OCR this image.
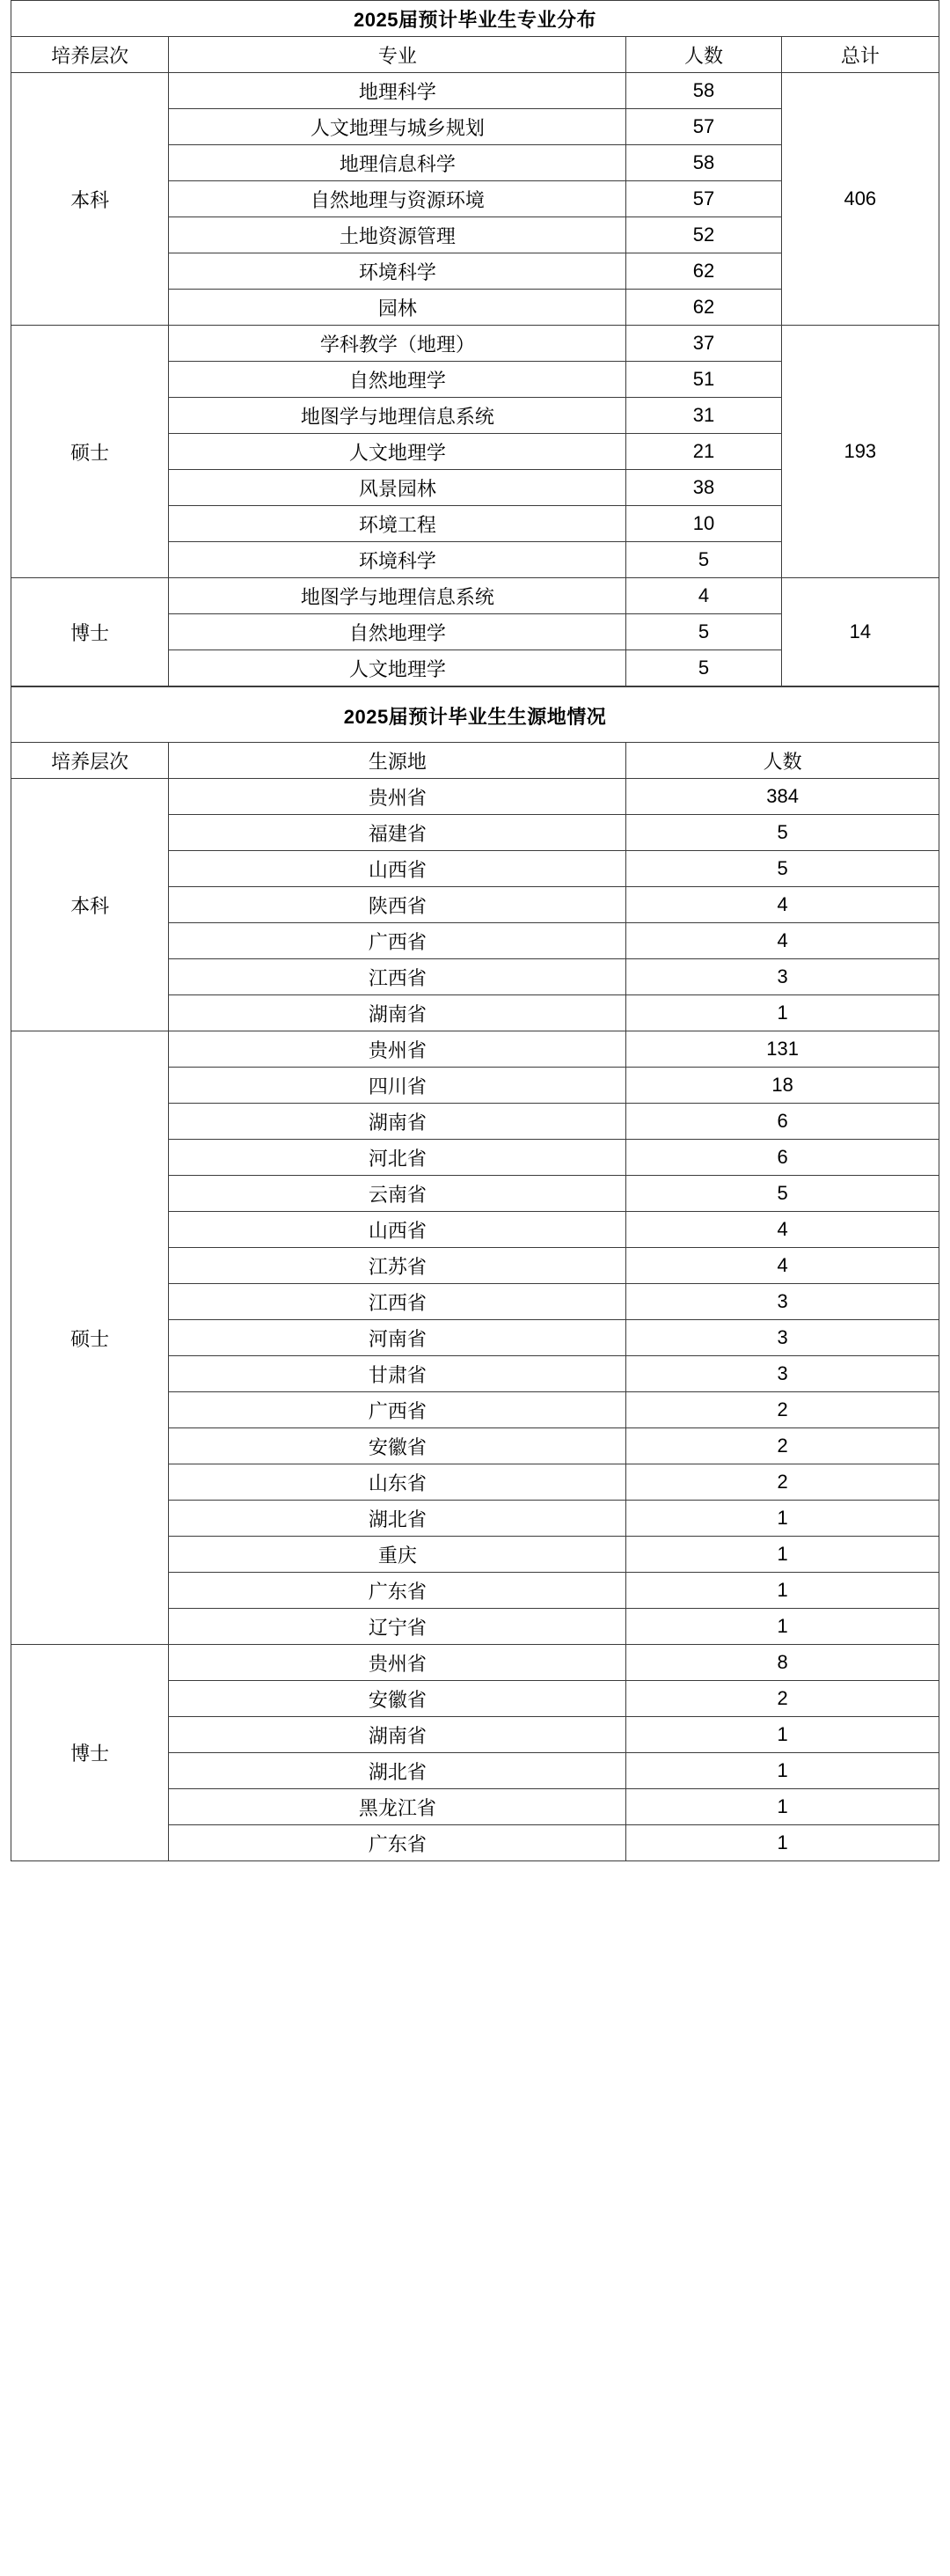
2025届预计毕业生专业分布			
培养层次	专业	人数	总计
本科	地理科学	58	406
	人文地理与城乡规划	57	
	地理信息科学	58	
	自然地理与资源环境	57	
	土地资源管理	52	
	环境科学	62	
	园林	62	
硕士	学科教学（地理）	37	193
	自然地理学	51	
	地图学与地理信息系统	31	
	人文地理学	21	
	风景园林	38	
	环境工程	10	
	环境科学	5	
博士	地图学与地理信息系统	4	14
	自然地理学	5	
	人文地理学	5	
2025届预计毕业生生源地情况		
培养层次	生源地	人数
本科	贵州省	384
	福建省	5
	山西省	5
	陕西省	4
	广西省	4
	江西省	3
	湖南省	1
硕士	贵州省	131
	四川省	18
	湖南省	6
	河北省	6
	云南省	5
	山西省	4
	江苏省	4
	江西省	3
	河南省	3
	甘肃省	3
	广西省	2
	安徽省	2
	山东省	2
	湖北省	1
	重庆	1
	广东省	1
	辽宁省	1
博士	贵州省	8
	安徽省	2
	湖南省	1
	湖北省	1
	黑龙江省	1
	广东省	1
